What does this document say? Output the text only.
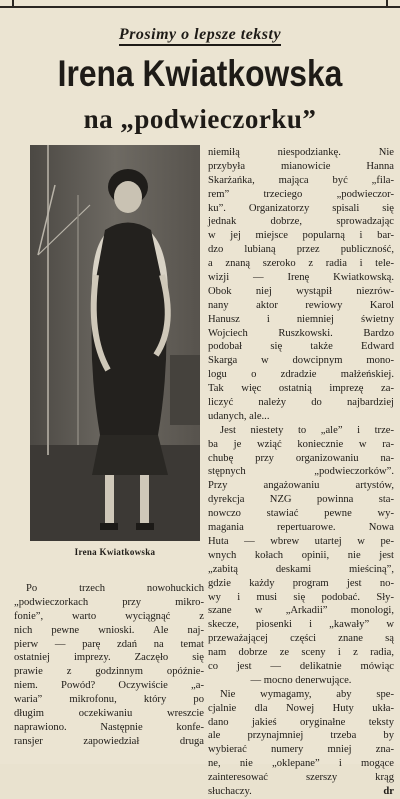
Prosimy o lepsze teksty
Irena Kwiatkowska
na „podwieczorku”
Irena Kwiatkowska
Po trzech nowohuckich
„podwieczorkach przy mikro-
fonie”, warto wyciągnąć z
nich pewne wnioski. Ale naj-
pierw — parę zdań na temat
ostatniej imprezy. Zaczęło się
prawie z godzinnym opóźnie-
niem. Powód? Oczywiście „a-
waria” mikrofonu, który po
długim oczekiwaniu wreszcie
naprawiono. Następnie konfe-
ransjer zapowiedział druga
niemiłą niespodziankę. Nie
przybyła mianowicie Hanna
Skarżańka, mająca być „fila-
rem” trzeciego „podwieczor-
ku”. Organizatorzy spisali się
jednak dobrze, sprowadzając
w jej miejsce popularną i bar-
dzo lubianą przez publiczność,
a znaną szeroko z radia i tele-
wizji — Irenę Kwiatkowską.
Obok niej wystąpił niezrów-
nany aktor rewiowy Karol
Hanusz i niemniej świetny
Wojciech Ruszkowski. Bardzo
podobał się także Edward
Skarga w dowcipnym mono-
logu o zdradzie małżeńskiej.
Tak więc ostatnią imprezę za-
liczyć należy do najbardziej
udanych, ale...
Jest niestety to „ale” i trze-
ba je wziąć koniecznie w ra-
chubę przy organizowaniu na-
stępnych „podwieczorków”.
Przy angażowaniu artystów,
dyrekcja NZG powinna sta-
nowczo stawiać pewne wy-
magania repertuarowe. Nowa
Huta — wbrew utartej w pe-
wnych kołach opinii, nie jest
„zabitą deskami mieściną”,
gdzie każdy program jest no-
wy i musi się podobać. Sły-
szane w „Arkadii” monologi,
skecze, piosenki i „kawały” w
przeważającej części znane są
nam dobrze ze sceny i z radia,
co jest — delikatnie mówiąc
— mocno denerwujące.
Nie wymagamy, aby spe-
cjalnie dla Nowej Huty ukła-
dano jakieś oryginałne teksty
ale przynajmniej trzeba by
wybierać numery mniej zna-
ne, nie „oklepane” i mogące
zainteresować szerszy krąg
słuchaczy.	dr
